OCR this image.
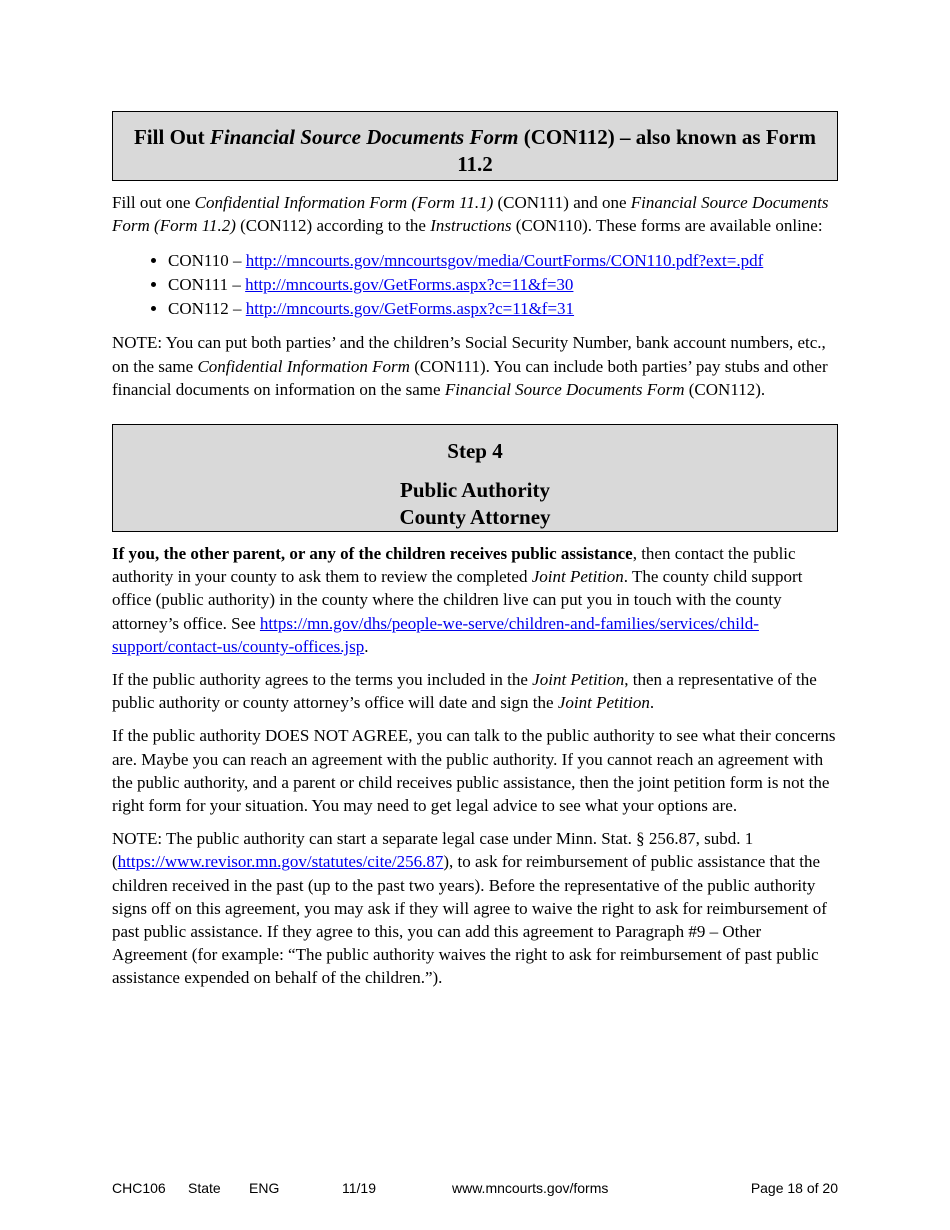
Fill Out Financial Source Documents Form (CON112) – also known as Form 11.2

Fill out one Confidential Information Form (Form 11.1) (CON111) and one Financial Source Documents Form (Form 11.2) (CON112) according to the Instructions (CON110). These forms are available online:

• CON110 – http://mncourts.gov/mncourtsgov/media/CourtForms/CON110.pdf?ext=.pdf
• CON111 – http://mncourts.gov/GetForms.aspx?c=11&f=30
• CON112 – http://mncourts.gov/GetForms.aspx?c=11&f=31

NOTE: You can put both parties’ and the children’s Social Security Number, bank account numbers, etc., on the same Confidential Information Form (CON111). You can include both parties’ pay stubs and other financial documents on information on the same Financial Source Documents Form (CON112).

Step 4
Public Authority
County Attorney

If you, the other parent, or any of the children receives public assistance, then contact the public authority in your county to ask them to review the completed Joint Petition. The county child support office (public authority) in the county where the children live can put you in touch with the county attorney’s office. See https://mn.gov/dhs/people-we-serve/children-and-families/services/child-support/contact-us/county-offices.jsp.

If the public authority agrees to the terms you included in the Joint Petition, then a representative of the public authority or county attorney’s office will date and sign the Joint Petition.

If the public authority DOES NOT AGREE, you can talk to the public authority to see what their concerns are. Maybe you can reach an agreement with the public authority. If you cannot reach an agreement with the public authority, and a parent or child receives public assistance, then the joint petition form is not the right form for your situation. You may need to get legal advice to see what your options are.

NOTE: The public authority can start a separate legal case under Minn. Stat. § 256.87, subd. 1 (https://www.revisor.mn.gov/statutes/cite/256.87), to ask for reimbursement of public assistance that the children received in the past (up to the past two years). Before the representative of the public authority signs off on this agreement, you may ask if they will agree to waive the right to ask for reimbursement of past public assistance. If they agree to this, you can add this agreement to Paragraph #9 – Other Agreement (for example: “The public authority waives the right to ask for reimbursement of past public assistance expended on behalf of the children.”).

CHC106 State ENG	11/19	www.mncourts.gov/forms	Page 18 of 20
